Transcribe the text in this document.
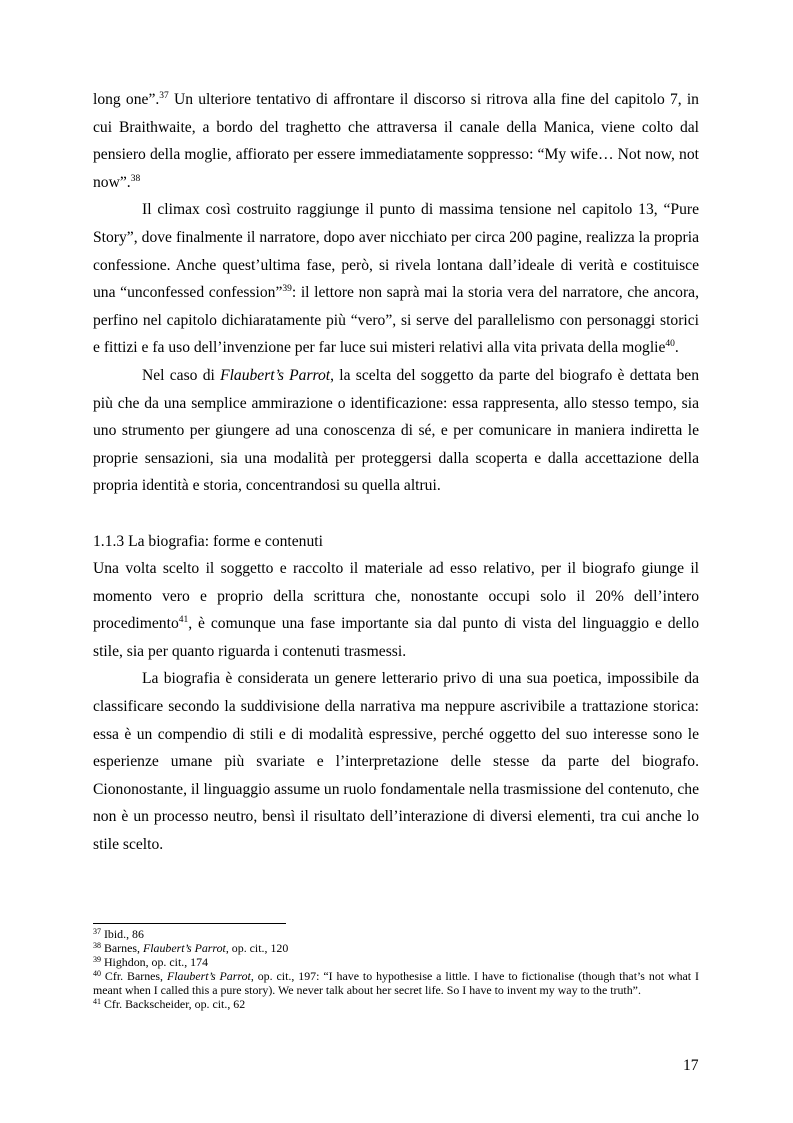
long one”.$^{37}$ Un ulteriore tentativo di affrontare il discorso si ritrova alla fine del capitolo 7, in cui Braithwaite, a bordo del traghetto che attraversa il canale della Manica, viene colto dal pensiero della moglie, affiorato per essere immediatamente soppresso: “My wife… Not now, not now”.$^{38}$

Il climax così costruito raggiunge il punto di massima tensione nel capitolo 13, “Pure Story”, dove finalmente il narratore, dopo aver nicchiato per circa 200 pagine, realizza la propria confessione. Anche quest’ultima fase, però, si rivela lontana dall’ideale di verità e costituisce una “unconfessed confession”$^{39}$: il lettore non saprà mai la storia vera del narratore, che ancora, perfino nel capitolo dichiaratamente più “vero”, si serve del parallelismo con personaggi storici e fittizi e fa uso dell’invenzione per far luce sui misteri relativi alla vita privata della moglie$^{40}$.

Nel caso di Flaubert’s Parrot, la scelta del soggetto da parte del biografo è dettata ben più che da una semplice ammirazione o identificazione: essa rappresenta, allo stesso tempo, sia uno strumento per giungere ad una conoscenza di sé, e per comunicare in maniera indiretta le proprie sensazioni, sia una modalità per proteggersi dalla scoperta e dalla accettazione della propria identità e storia, concentrandosi su quella altrui.

1.1.3 La biografia: forme e contenuti

Una volta scelto il soggetto e raccolto il materiale ad esso relativo, per il biografo giunge il momento vero e proprio della scrittura che, nonostante occupi solo il 20% dell’intero procedimento$^{41}$, è comunque una fase importante sia dal punto di vista del linguaggio e dello stile, sia per quanto riguarda i contenuti trasmessi.

La biografia è considerata un genere letterario privo di una sua poetica, impossibile da classificare secondo la suddivisione della narrativa ma neppure ascrivibile a trattazione storica: essa è un compendio di stili e di modalità espressive, perché oggetto del suo interesse sono le esperienze umane più svariate e l’interpretazione delle stesse da parte del biografo. Ciononostante, il linguaggio assume un ruolo fondamentale nella trasmissione del contenuto, che non è un processo neutro, bensì il risultato dell’interazione di diversi elementi, tra cui anche lo stile scelto.

$^{37}$ Ibid., 86

$^{38}$ Barnes, Flaubert’s Parrot, op. cit., 120

$^{39}$ Highdon, op. cit., 174

$^{40}$ Cfr. Barnes, Flaubert’s Parrot, op. cit., 197: “I have to hypothesise a little. I have to fictionalise (though that’s not what I meant when I called this a pure story). We never talk about her secret life. So I have to invent my way to the truth”.

$^{41}$ Cfr. Backscheider, op. cit., 62

17
